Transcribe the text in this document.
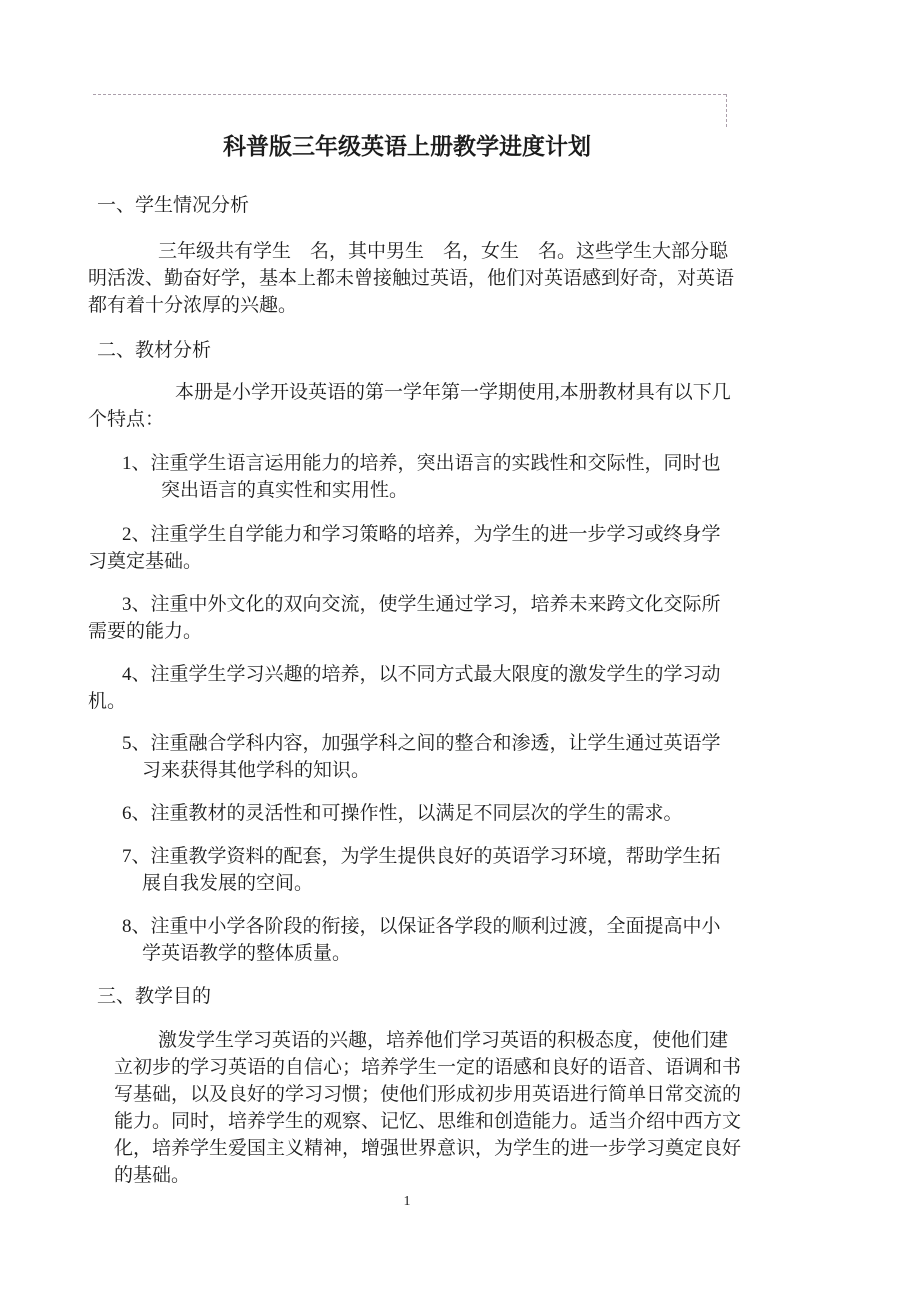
科普版三年级英语上册教学进度计划
一、学生情况分析
三年级共有学生　名，其中男生　名，女生　名。这些学生大部分聪
明活泼、勤奋好学，基本上都未曾接触过英语，他们对英语感到好奇，对英语
都有着十分浓厚的兴趣。
二、教材分析
本册是小学开设英语的第一学年第一学期使用,本册教材具有以下几
个特点：
1、注重学生语言运用能力的培养，突出语言的实践性和交际性，同时也
突出语言的真实性和实用性。
2、注重学生自学能力和学习策略的培养，为学生的进一步学习或终身学
习奠定基础。
3、注重中外文化的双向交流，使学生通过学习，培养未来跨文化交际所
需要的能力。
4、注重学生学习兴趣的培养，以不同方式最大限度的激发学生的学习动
机。
5、注重融合学科内容，加强学科之间的整合和渗透，让学生通过英语学
习来获得其他学科的知识。
6、注重教材的灵活性和可操作性，以满足不同层次的学生的需求。
7、注重教学资料的配套，为学生提供良好的英语学习环境，帮助学生拓
展自我发展的空间。
8、注重中小学各阶段的衔接，以保证各学段的顺利过渡，全面提高中小
学英语教学的整体质量。
三、教学目的
激发学生学习英语的兴趣，培养他们学习英语的积极态度，使他们建
立初步的学习英语的自信心；培养学生一定的语感和良好的语音、语调和书
写基础，以及良好的学习习惯；使他们形成初步用英语进行简单日常交流的
能力。同时，培养学生的观察、记忆、思维和创造能力。适当介绍中西方文
化，培养学生爱国主义精神，增强世界意识，为学生的进一步学习奠定良好
的基础。
1
